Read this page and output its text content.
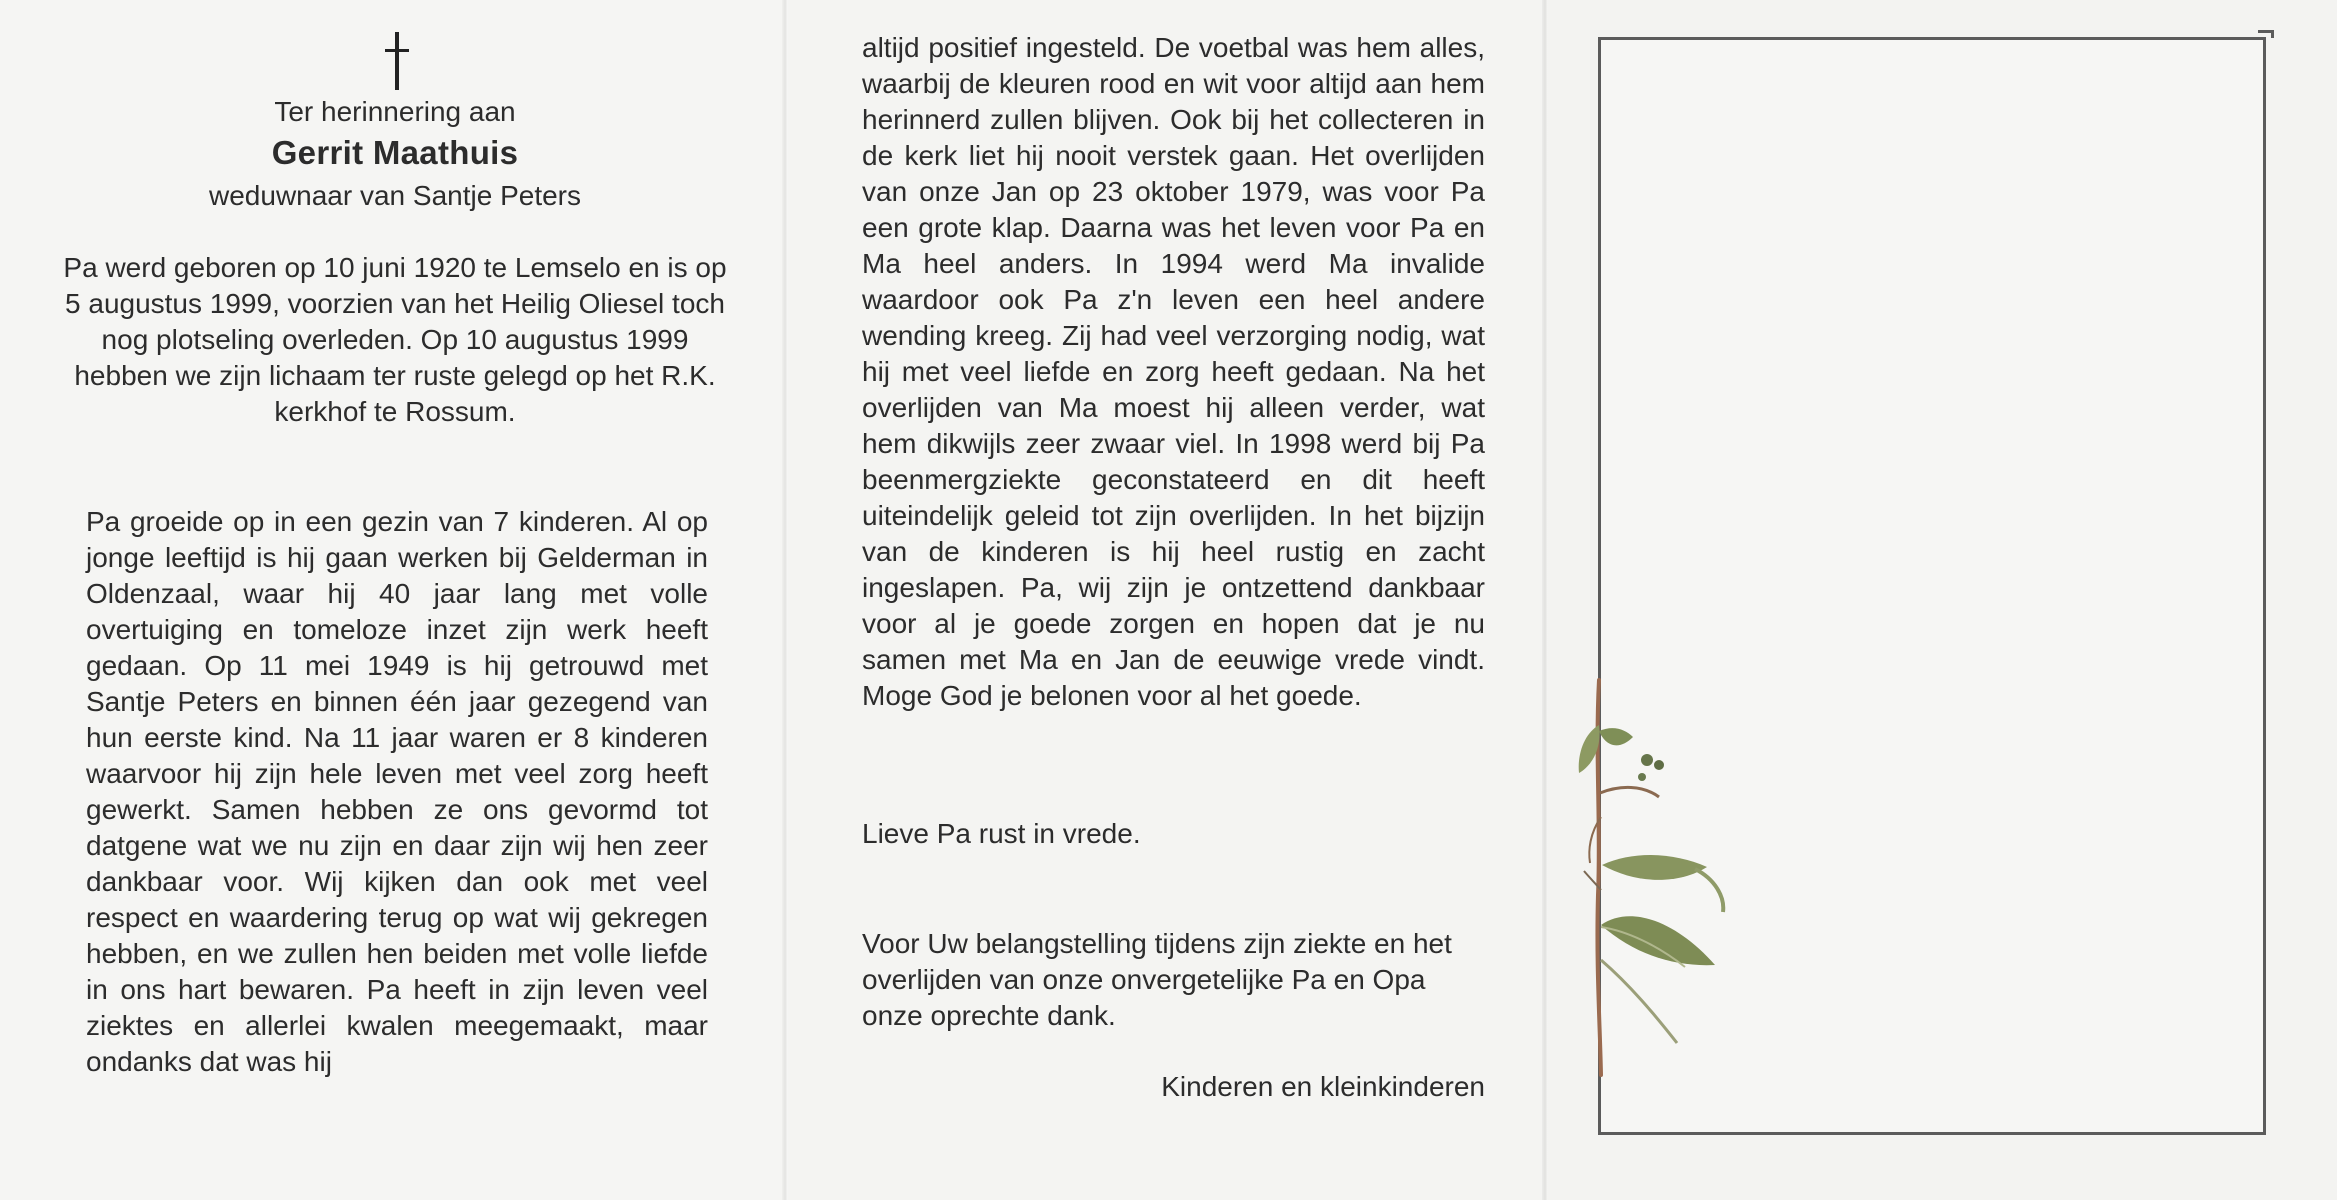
Ter herinnering aan

Gerrit Maathuis

weduwnaar van Santje Peters

Pa werd geboren op 10 juni 1920 te Lemselo en is op 5 augustus 1999, voorzien van het Heilig Oliesel toch nog plotseling overleden. Op 10 augustus 1999 hebben we zijn lichaam ter ruste gelegd op het R.K. kerkhof te Rossum.

Pa groeide op in een gezin van 7 kinderen. Al op jonge leeftijd is hij gaan werken bij Gelderman in Oldenzaal, waar hij 40 jaar lang met volle overtuiging en tomeloze inzet zijn werk heeft gedaan. Op 11 mei 1949 is hij getrouwd met Santje Peters en binnen één jaar gezegend van hun eerste kind. Na 11 jaar waren er 8 kinderen waarvoor hij zijn hele leven met veel zorg heeft gewerkt. Samen hebben ze ons gevormd tot datgene wat we nu zijn en daar zijn wij hen zeer dankbaar voor. Wij kijken dan ook met veel respect en waardering terug op wat wij gekregen hebben, en we zullen hen beiden met volle liefde in ons hart bewaren. Pa heeft in zijn leven veel ziektes en allerlei kwalen meegemaakt, maar ondanks dat was hij

altijd positief ingesteld. De voetbal was hem alles, waarbij de kleuren rood en wit voor altijd aan hem herinnerd zullen blijven. Ook bij het collecteren in de kerk liet hij nooit verstek gaan. Het overlijden van onze Jan op 23 oktober 1979, was voor Pa een grote klap. Daarna was het leven voor Pa en Ma heel anders. In 1994 werd Ma invalide waardoor ook Pa z'n leven een heel andere wending kreeg. Zij had veel verzorging nodig, wat hij met veel liefde en zorg heeft gedaan. Na het overlijden van Ma moest hij alleen verder, wat hem dikwijls zeer zwaar viel. In 1998 werd bij Pa beenmergziekte geconstateerd en dit heeft uiteindelijk geleid tot zijn overlijden. In het bijzijn van de kinderen is hij heel rustig en zacht ingeslapen. Pa, wij zijn je ontzettend dankbaar voor al je goede zorgen en hopen dat je nu samen met Ma en Jan de eeuwige vrede vindt. Moge God je belonen voor al het goede.

Lieve Pa rust in vrede.

Voor Uw belangstelling tijdens zijn ziekte en het overlijden van onze onvergetelijke Pa en Opa onze oprechte dank.

Kinderen en kleinkinderen
